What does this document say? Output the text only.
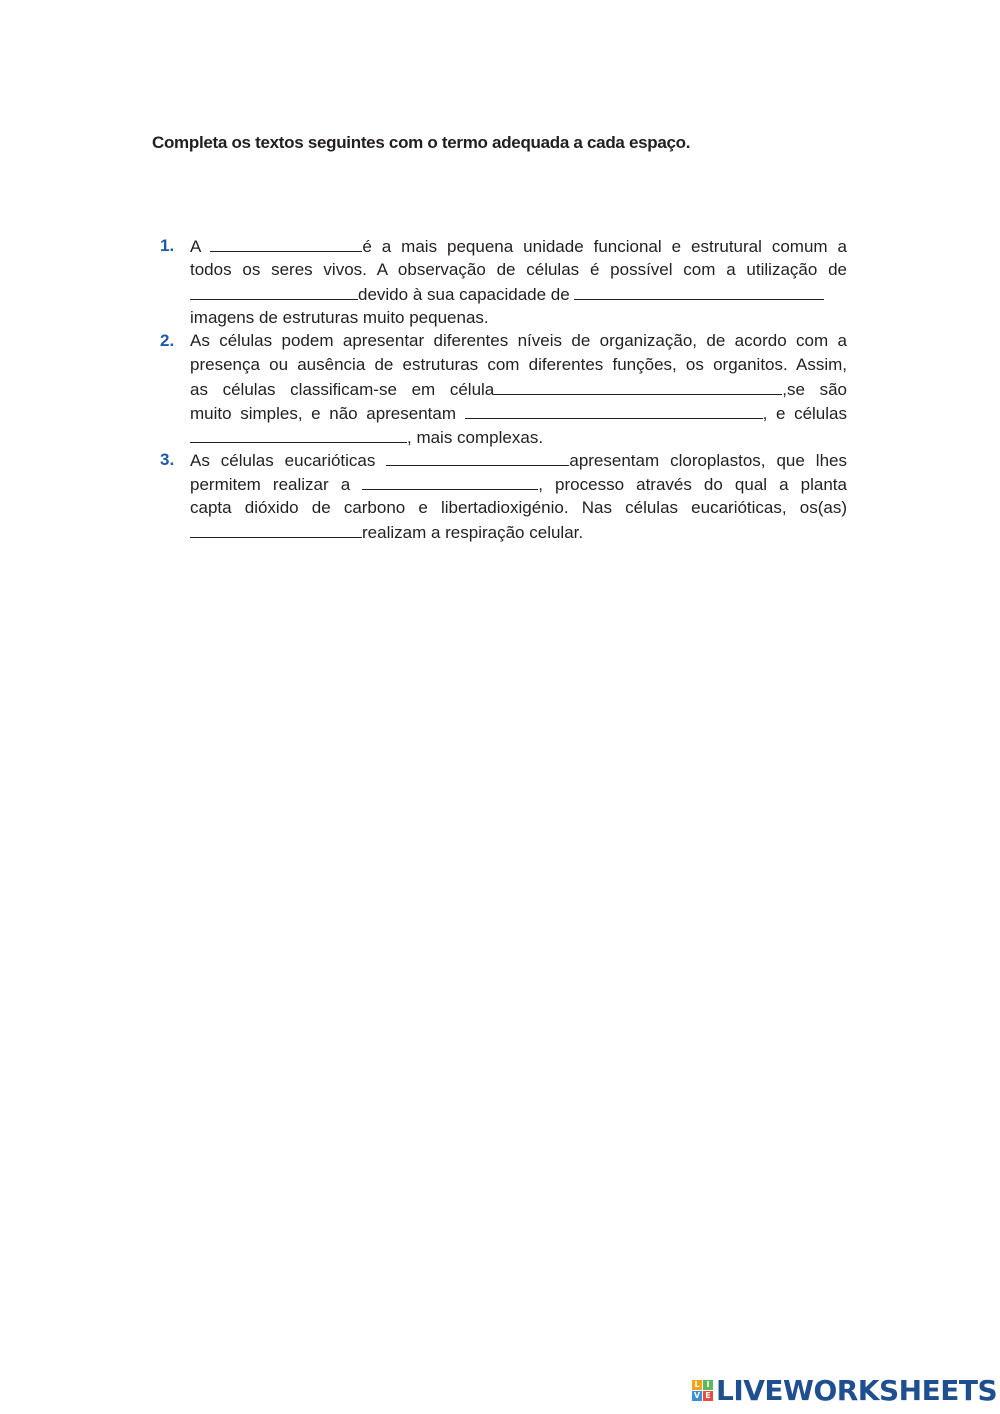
Completa os textos seguintes com o termo adequada a cada espaço.
1. A	é a mais pequena unidade funcional e estrutural comum a
todos os seres vivos. A observação de células é possível com a utilização de
devido à sua capacidade de
imagens de estruturas muito pequenas.
2. As células podem apresentar diferentes níveis de organização, de acordo com a
presença ou ausência de estruturas com diferentes funções, os organitos. Assim,
as células classificam-se em célula	,se são
muito simples, e não apresentam	, e células
, mais complexas.
3. As células eucarióticas	apresentam cloroplastos, que lhes
permitem realizar a	, processo através do qual a planta
capta dióxido de carbono e libertadioxigénio. Nas células eucarióticas, os(as)
realizam a respiração celular.
L I
V E LIVEWORKSHEETS
